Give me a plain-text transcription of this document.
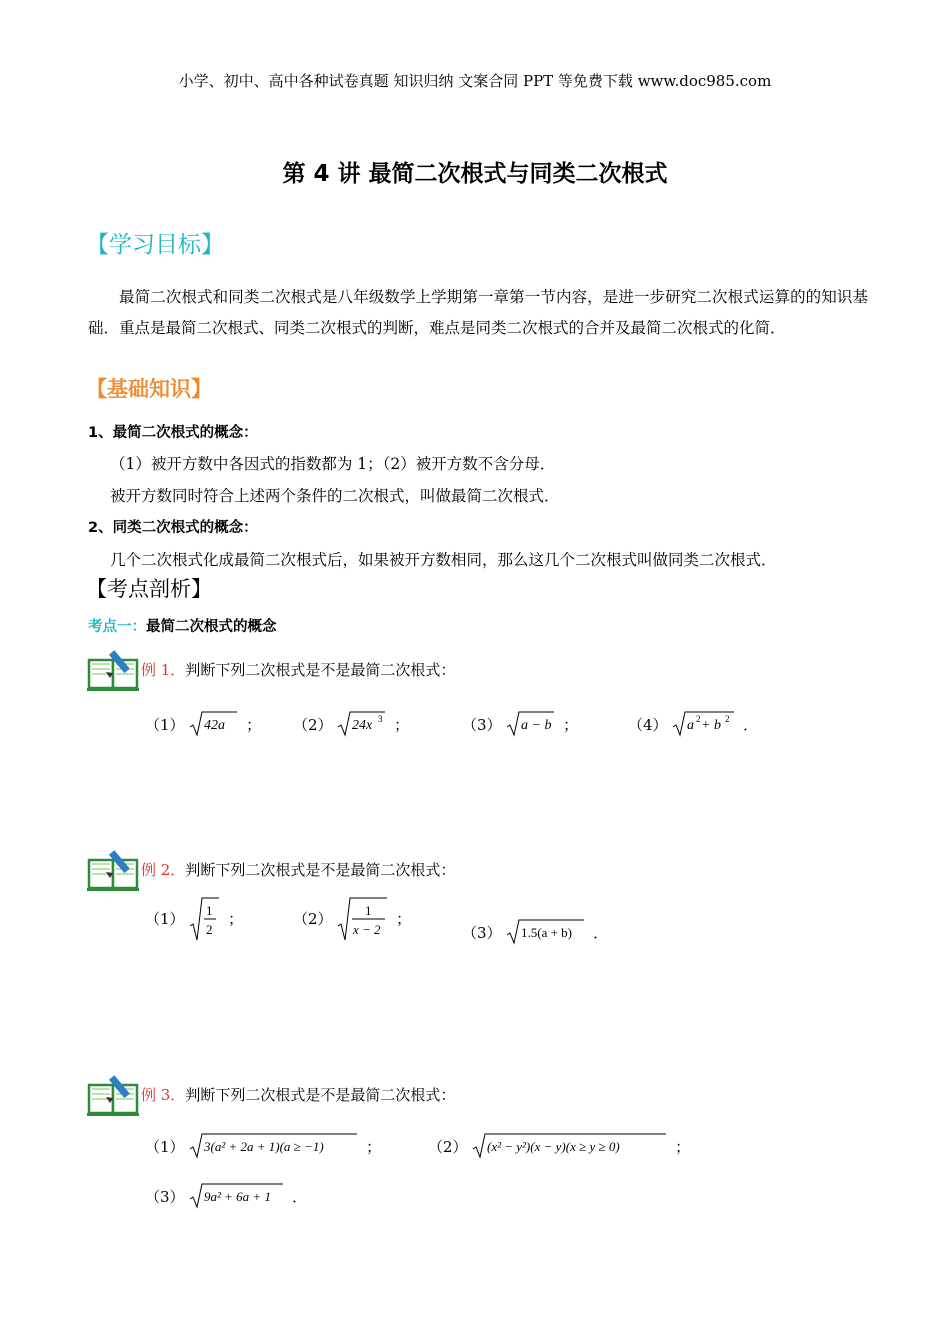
小学、初中、高中各种试卷真题 知识归纳 文案合同 PPT 等免费下载 www.doc985.com
第 4 讲 最简二次根式与同类二次根式
【学习目标】
最简二次根式和同类二次根式是八年级数学上学期第一章第一节内容，是进一步研究二次根式运算的的知识基础．重点是最简二次根式、同类二次根式的判断，难点是同类二次根式的合并及最简二次根式的化简．
【基础知识】
1、最简二次根式的概念：
（1）被开方数中各因式的指数都为 1；（2）被开方数不含分母．
被开方数同时符合上述两个条件的二次根式，叫做最简二次根式．
2、同类二次根式的概念：
几个二次根式化成最简二次根式后，如果被开方数相同，那么这几个二次根式叫做同类二次根式．
【考点剖析】
考点一：最简二次根式的概念
例 1．判断下列二次根式是不是最简二次根式：
（1） 42a ； （2） 24x 3 ；	（3） a − b ；	（4） a 2 + b 2 ．
例 2．判断下列二次根式是不是最简二次根式：
（1） 1
2
；	（2）	1
x − 2
；
（3） 1.5(a + b) ．
例 3．判断下列二次根式是不是最简二次根式：
（1） 3(a² + 2a + 1)(a ≥ −1)	；	（2） (x² − y²)(x − y)(x ≥ y ≥ 0)	；
（3） 9a² + 6a + 1 ．
